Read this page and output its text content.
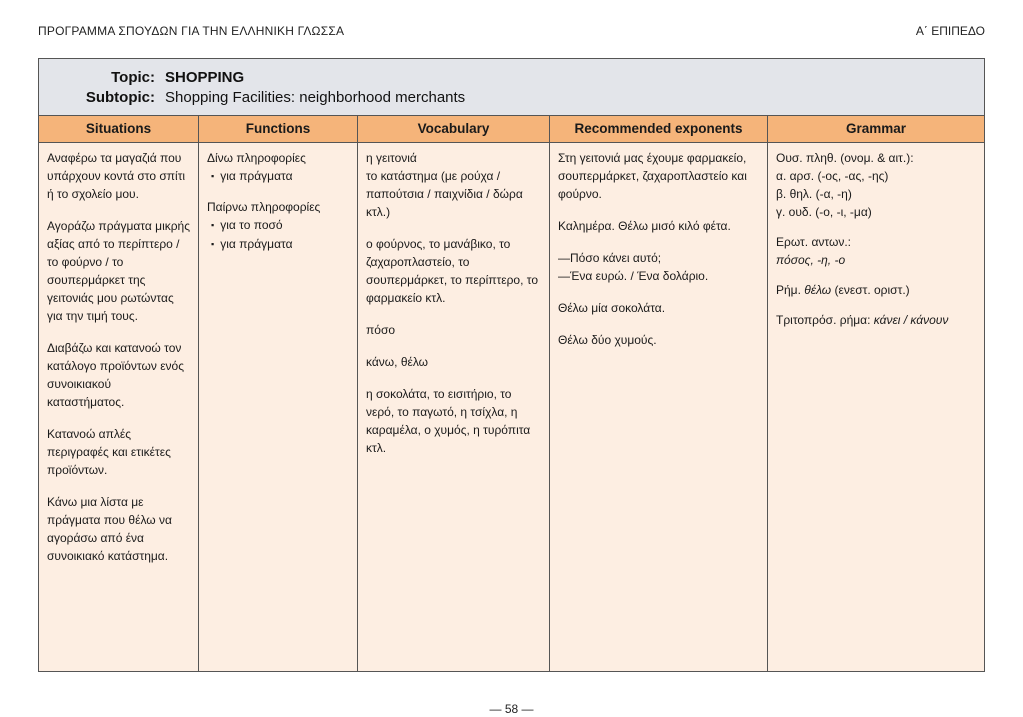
ΠΡΟΓΡΑΜΜΑ ΣΠΟΥΔΩΝ ΓΙΑ ΤΗΝ ΕΛΛΗΝΙΚΗ ΓΛΩΣΣΑ	Α΄ ΕΠΙΠΕΔΟ
Topic: SHOPPING
Subtopic: Shopping Facilities: neighborhood merchants
Situations

Αναφέρω τα μαγαζιά που υπάρχουν κοντά στο σπίτι ή το σχολείο μου.

Αγοράζω πράγματα μικρής αξίας από το περίπτερο / το φούρνο / το σουπερμάρκετ της γειτονιάς μου ρωτώντας για την τιμή τους.

Διαβάζω και κατανοώ τον κατάλογο προϊόντων ενός συνοικιακού καταστήματος.

Κατανοώ απλές περιγραφές και ετικέτες προϊόντων.

Κάνω μια λίστα με πράγματα που θέλω να αγοράσω από ένα συνοικιακό κατάστημα.

Functions
Δίνω πληροφορίες
▪ για πράγματα
Παίρνω πληροφορίες
▪ για το ποσό
▪ για πράγματα
Vocabulary
η γειτονιά

το κατάστημα (με ρούχα / παπούτσια / παιχνίδια / δώρα κτλ.)

ο φούρνος, το μανάβικο, το ζαχαροπλαστείο, το σουπερμάρκετ, το περίπτερο, το φαρμακείο κτλ.

πόσο

κάνω, θέλω

η σοκολάτα, το εισιτήριο, το νερό, το παγωτό, η τσίχλα, η καραμέλα, ο χυμός, η τυρόπιτα κτλ.

Recommended exponents

Στη γειτονιά μας έχουμε φαρμακείο, σουπερμάρκετ, ζαχαροπλαστείο και φούρνο.

Καλημέρα. Θέλω μισό κιλό φέτα.

—Πόσο κάνει αυτό;

—Ένα ευρώ. / Ένα δολάριο.

Θέλω μία σοκολάτα.

Θέλω δύο χυμούς.

Grammar
Ουσ. πληθ. (ονομ. & αιτ.):
α. αρσ. (-ος, -ας, -ης)
β. θηλ. (-α, -η)
γ. ουδ. (-ο, -ι, -μα)
Ερωτ. αντων.:
πόσος, -η, -ο
Ρήμ. θέλω (ενεστ. οριστ.)
Τριτοπρόσ. ρήμα: κάνει / κάνουν
— 58 —
